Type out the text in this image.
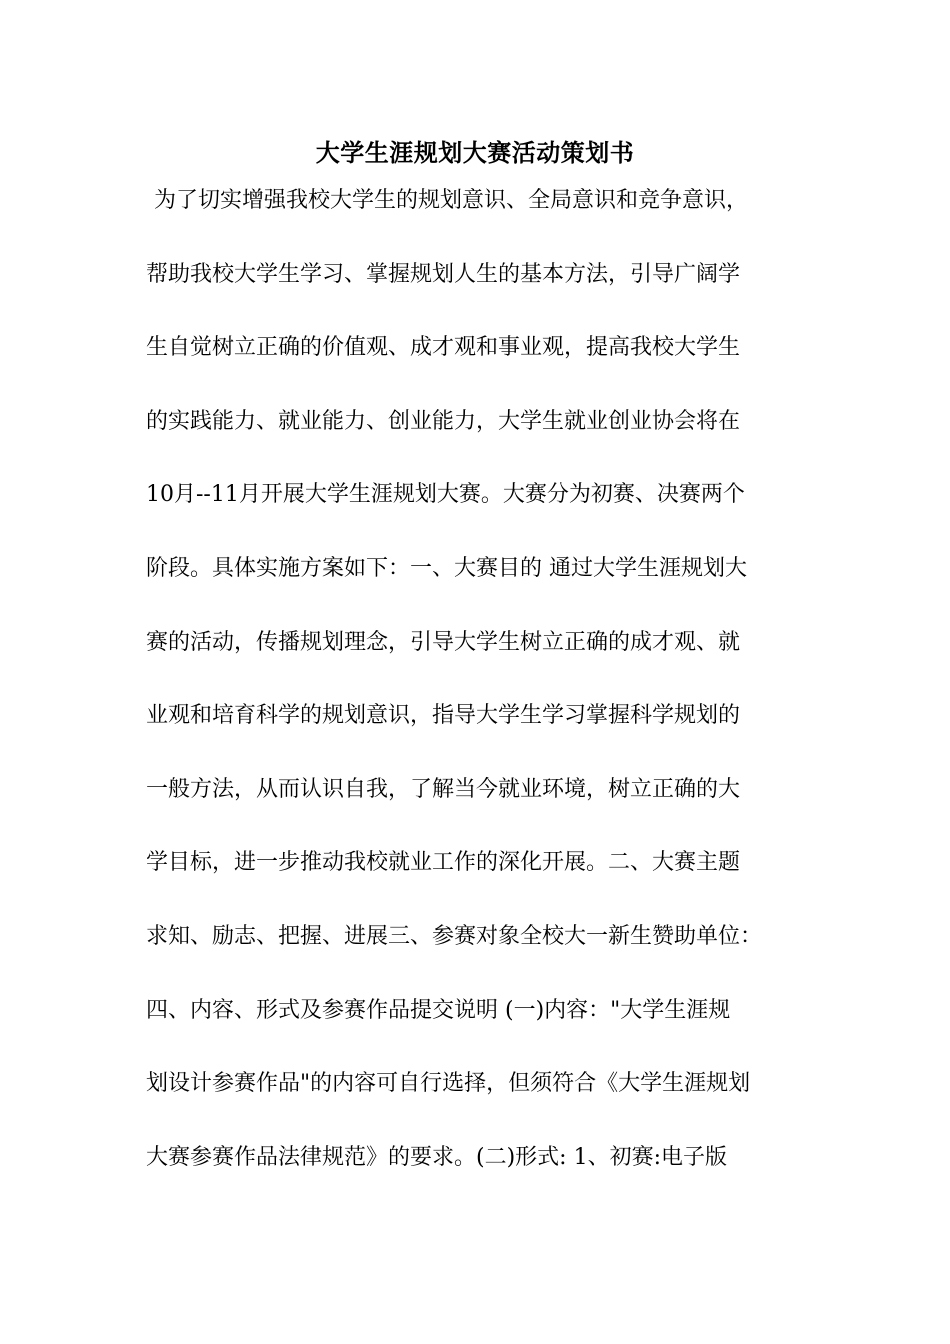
大学生涯规划大赛活动策划书
为了切实增强我校大学生的规划意识、全局意识和竞争意识，
帮助我校大学生学习、掌握规划人生的基本方法，引导广阔学
生自觉树立正确的价值观、成才观和事业观，提高我校大学生
的实践能力、就业能力、创业能力，大学生就业创业协会将在
10月--11月开展大学生涯规划大赛。大赛分为初赛、决赛两个
阶段。具体实施方案如下：一、大赛目的 通过大学生涯规划大
赛的活动，传播规划理念，引导大学生树立正确的成才观、就
业观和培育科学的规划意识，指导大学生学习掌握科学规划的
一般方法，从而认识自我，了解当今就业环境，树立正确的大
学目标，进一步推动我校就业工作的深化开展。二、大赛主题
求知、励志、把握、进展三、参赛对象全校大一新生赞助单位：
四、内容、形式及参赛作品提交说明 (一)内容："大学生涯规
划设计参赛作品"的内容可自行选择，但须符合《大学生涯规划
大赛参赛作品法律规范》的要求。(二)形式: 1、初赛:电子版
